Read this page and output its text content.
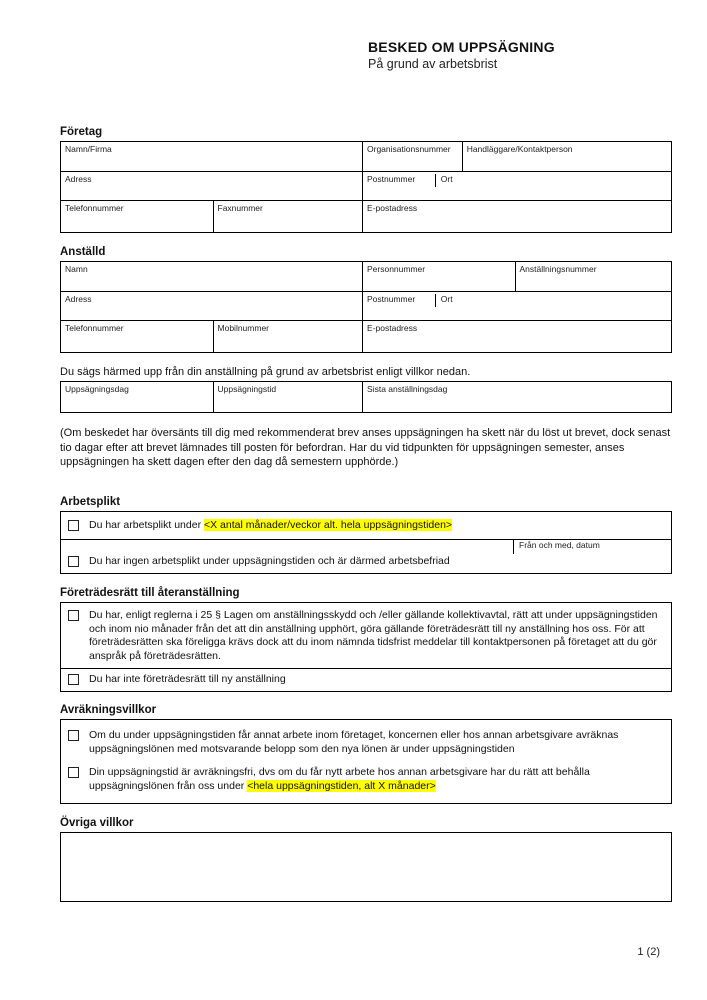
BESKED OM UPPSÄGNING
På grund av arbetsbrist
Företag
Namn/Firma	Organisationsnummer	Handläggare/Kontaktperson
Adress	Postnummer	Ort
Telefonnummer	Faxnummer	E-postadress
Anställd
Namn	Personnummer	Anställningsnummer
Adress	Postnummer	Ort
Telefonnummer	Mobilnummer	E-postadress
Du sägs härmed upp från din anställning på grund av arbetsbrist enligt villkor nedan.
Uppsägningsdag	Uppsägningstid	Sista anställningsdag
(Om beskedet har översänts till dig med rekommenderat brev anses uppsägningen ha skett när du löst ut brevet, dock senast tio dagar efter att brevet lämnades till posten för befordran. Har du vid tidpunkten för uppsägningen semester, anses uppsägningen ha skett dagen efter den dag då semestern upphörde.)
Arbetsplikt
Du har arbetsplikt under <X antal månader/veckor alt. hela uppsägningstiden>
Från och med, datum
Du har ingen arbetsplikt under uppsägningstiden och är därmed arbetsbefriad
Företrädesrätt till återanställning
Du har, enligt reglerna i 25 § Lagen om anställningsskydd och /eller gällande kollektivavtal, rätt att under uppsägningstiden och inom nio månader från det att din anställning upphört, göra gällande företrädesrätt till ny anställning hos oss. För att företrädesrätten ska föreligga krävs dock att du inom nämnda tidsfrist meddelar till kontaktpersonen på företaget att du gör anspråk på företrädesrätten.
Du har inte företrädesrätt till ny anställning
Avräkningsvillkor
Om du under uppsägningstiden får annat arbete inom företaget, koncernen eller hos annan arbetsgivare avräknas uppsägningslönen med motsvarande belopp som den nya lönen är under uppsägningstiden
Din uppsägningstid är avräkningsfri, dvs om du får nytt arbete hos annan arbetsgivare har du rätt att behålla uppsägningslönen från oss under <hela uppsägningstiden, alt X månader>
Övriga villkor
1 (2)
